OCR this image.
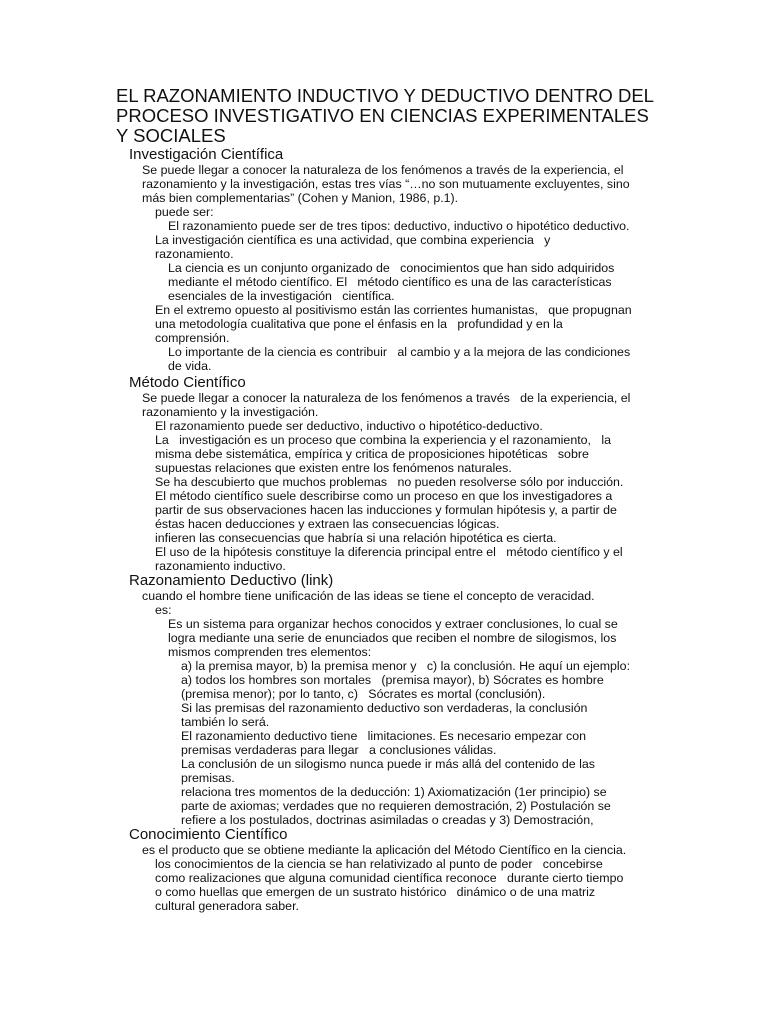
EL RAZONAMIENTO INDUCTIVO Y DEDUCTIVO DENTRO DEL
PROCESO INVESTIGATIVO EN CIENCIAS EXPERIMENTALES
Y SOCIALES
Investigación Científica
Se puede llegar a conocer la naturaleza de los fenómenos a través de la experiencia, el
razonamiento y la investigación, estas tres vías “…no son mutuamente excluyentes, sino
más bien complementarias” (Cohen y Manion, 1986, p.1).
puede ser:
El razonamiento puede ser de tres tipos: deductivo, inductivo o hipotético deductivo.
La investigación científica es una actividad, que combina experiencia   y
razonamiento.
La ciencia es un conjunto organizado de   conocimientos que han sido adquiridos
mediante el método científico. El   método científico es una de las características
esenciales de la investigación   científica.
En el extremo opuesto al positivismo están las corrientes humanistas,   que propugnan
una metodología cualitativa que pone el énfasis en la   profundidad y en la
comprensión.
Lo importante de la ciencia es contribuir   al cambio y a la mejora de las condiciones
de vida.
Método Científico
Se puede llegar a conocer la naturaleza de los fenómenos a través   de la experiencia, el
razonamiento y la investigación.
El razonamiento puede ser deductivo, inductivo o hipotético-deductivo.
La   investigación es un proceso que combina la experiencia y el razonamiento,   la
misma debe sistemática, empírica y critica de proposiciones hipotéticas   sobre
supuestas relaciones que existen entre los fenómenos naturales.
Se ha descubierto que muchos problemas   no pueden resolverse sólo por inducción.
El método científico suele describirse como un proceso en que los investigadores a
partir de sus observaciones hacen las inducciones y formulan hipótesis y, a partir de
éstas hacen deducciones y extraen las consecuencias lógicas.
infieren las consecuencias que habría si una relación hipotética es cierta.
El uso de la hipótesis constituye la diferencia principal entre el   método científico y el
razonamiento inductivo.
Razonamiento Deductivo (link)
cuando el hombre tiene unificación de las ideas se tiene el concepto de veracidad.
es:
Es un sistema para organizar hechos conocidos y extraer conclusiones, lo cual se
logra mediante una serie de enunciados que reciben el nombre de silogismos, los
mismos comprenden tres elementos:
a) la premisa mayor, b) la premisa menor y   c) la conclusión. He aquí un ejemplo:
a) todos los hombres son mortales   (premisa mayor), b) Sócrates es hombre
(premisa menor); por lo tanto, c)   Sócrates es mortal (conclusión).
Si las premisas del razonamiento deductivo son verdaderas, la conclusión
también lo será.
El razonamiento deductivo tiene   limitaciones. Es necesario empezar con
premisas verdaderas para llegar   a conclusiones válidas.
La conclusión de un silogismo nunca puede ir más allá del contenido de las
premisas.
relaciona tres momentos de la deducción: 1) Axiomatización (1er principio) se
parte de axiomas; verdades que no requieren demostración, 2) Postulación se
refiere a los postulados, doctrinas asimiladas o creadas y 3) Demostración,
Conocimiento Científico
es el producto que se obtiene mediante la aplicación del Método Científico en la ciencia.
los conocimientos de la ciencia se han relativizado al punto de poder   concebirse
como realizaciones que alguna comunidad científica reconoce   durante cierto tiempo
o como huellas que emergen de un sustrato histórico   dinámico o de una matriz
cultural generadora saber.
